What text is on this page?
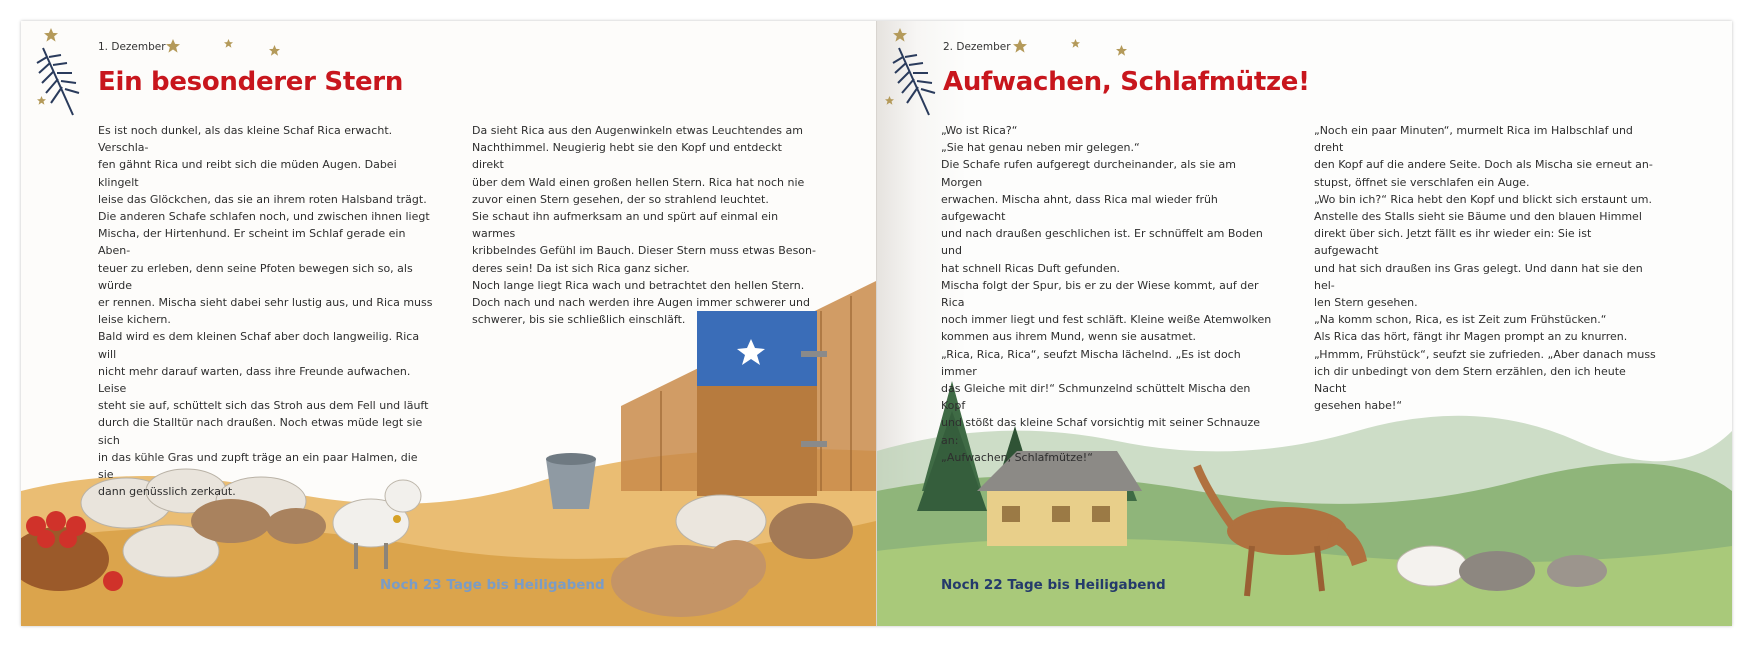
1. Dezember
Ein besonderer Stern

Es ist noch dunkel, als das kleine Schaf Rica erwacht. Verschla-
fen gähnt Rica und reibt sich die müden Augen. Dabei klingelt
leise das Glöckchen, das sie an ihrem roten Halsband trägt.
Die anderen Schafe schlafen noch, und zwischen ihnen liegt
Mischa, der Hirtenhund. Er scheint im Schlaf gerade ein Aben-
teuer zu erleben, denn seine Pfoten bewegen sich so, als würde
er rennen. Mischa sieht dabei sehr lustig aus, und Rica muss
leise kichern.
Bald wird es dem kleinen Schaf aber doch langweilig. Rica will
nicht mehr darauf warten, dass ihre Freunde aufwachen. Leise
steht sie auf, schüttelt sich das Stroh aus dem Fell und läuft
durch die Stalltür nach draußen. Noch etwas müde legt sie sich
in das kühle Gras und zupft träge an ein paar Halmen, die sie
dann genüsslich zerkaut.

Da sieht Rica aus den Augenwinkeln etwas Leuchtendes am
Nachthimmel. Neugierig hebt sie den Kopf und entdeckt direkt
über dem Wald einen großen hellen Stern. Rica hat noch nie
zuvor einen Stern gesehen, der so strahlend leuchtet.
Sie schaut ihn aufmerksam an und spürt auf einmal ein warmes
kribbelndes Gefühl im Bauch. Dieser Stern muss etwas Beson-
deres sein! Da ist sich Rica ganz sicher.
Noch lange liegt Rica wach und betrachtet den hellen Stern.
Doch nach und nach werden ihre Augen immer schwerer und
schwerer, bis sie schließlich einschläft.

Noch 23 Tage bis Heiligabend
2. Dezember
Aufwachen, Schlafmütze!

„Wo ist Rica?“
„Sie hat genau neben mir gelegen.“
Die Schafe rufen aufgeregt durcheinander, als sie am Morgen
erwachen. Mischa ahnt, dass Rica mal wieder früh aufgewacht
und nach draußen geschlichen ist. Er schnüffelt am Boden und
hat schnell Ricas Duft gefunden.
Mischa folgt der Spur, bis er zu der Wiese kommt, auf der Rica
noch immer liegt und fest schläft. Kleine weiße Atemwolken
kommen aus ihrem Mund, wenn sie ausatmet.
„Rica, Rica, Rica“, seufzt Mischa lächelnd. „Es ist doch immer
das Gleiche mit dir!“ Schmunzelnd schüttelt Mischa den Kopf
und stößt das kleine Schaf vorsichtig mit seiner Schnauze an:
„Aufwachen, Schlafmütze!“

„Noch ein paar Minuten“, murmelt Rica im Halbschlaf und dreht
den Kopf auf die andere Seite. Doch als Mischa sie erneut an-
stupst, öffnet sie verschlafen ein Auge.
„Wo bin ich?“ Rica hebt den Kopf und blickt sich erstaunt um.
Anstelle des Stalls sieht sie Bäume und den blauen Himmel
direkt über sich. Jetzt fällt es ihr wieder ein: Sie ist aufgewacht
und hat sich draußen ins Gras gelegt. Und dann hat sie den hel-
len Stern gesehen.
„Na komm schon, Rica, es ist Zeit zum Frühstücken.“
Als Rica das hört, fängt ihr Magen prompt an zu knurren.
„Hmmm, Frühstück“, seufzt sie zufrieden. „Aber danach muss
ich dir unbedingt von dem Stern erzählen, den ich heute Nacht
gesehen habe!“

Noch 22 Tage bis Heiligabend
